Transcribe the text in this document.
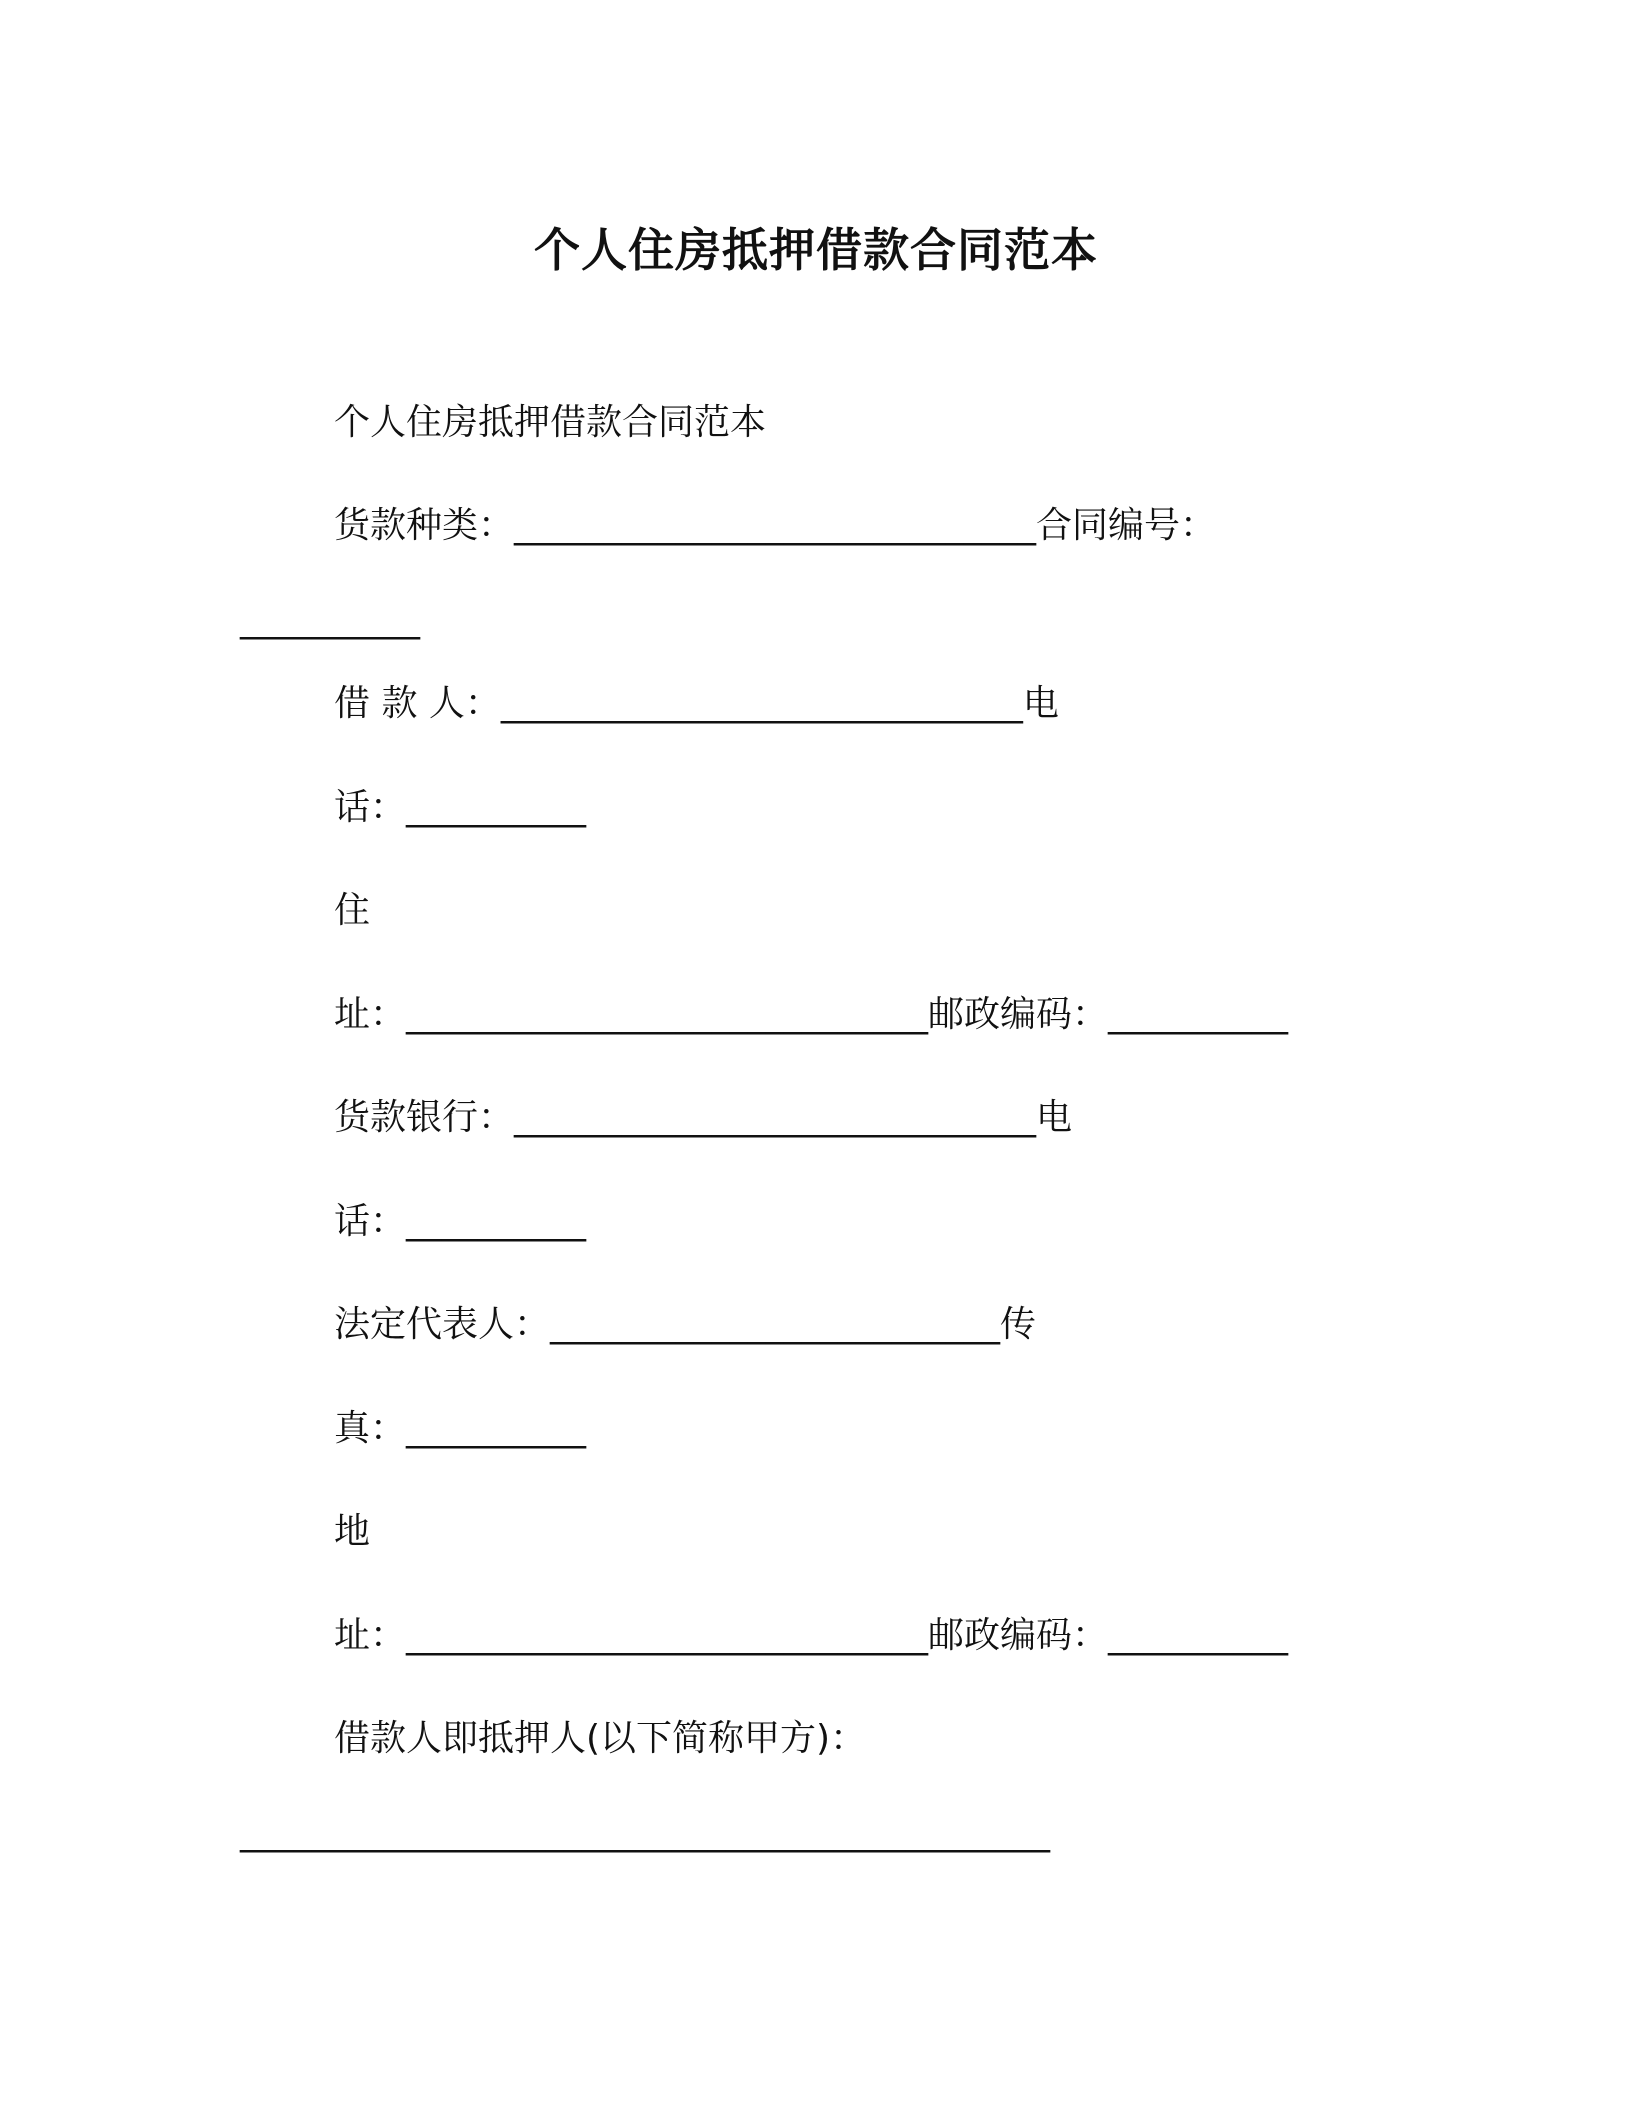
个人住房抵押借款合同范本
个人住房抵押借款合同范本
货款种类：_____________________________合同编号：
__________
借 款 人：_____________________________电
话：__________
住
址：_____________________________邮政编码：__________
货款银行：_____________________________电
话：__________
法定代表人：_________________________传
真：__________
地
址：_____________________________邮政编码：__________
借款人即抵押人(以下简称甲方)：
_____________________________________________
